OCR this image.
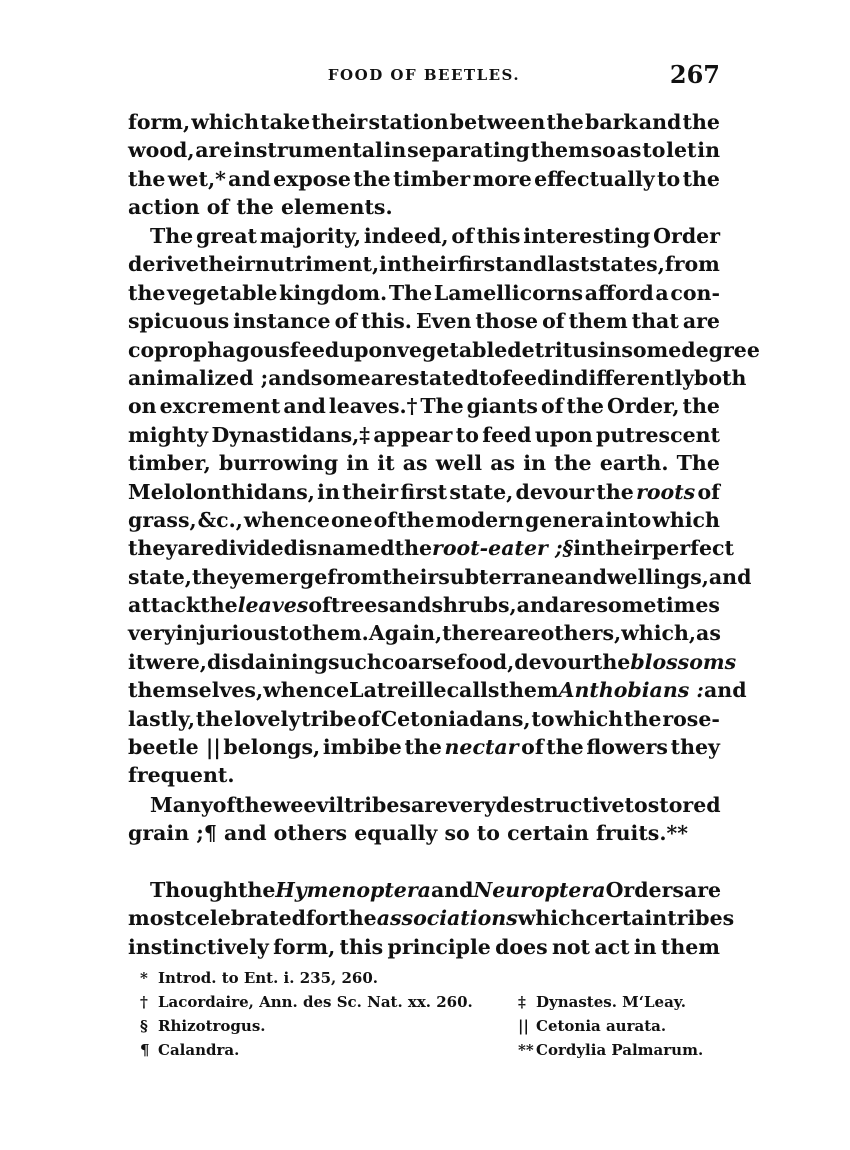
FOOD OF BEETLES.	267
form, which take their station between the bark and the
wood, are instrumental in separating them so as to let in
the wet,* and expose the timber more effectually to the
action
of
the
elements.
The great majority, indeed, of this interesting Order
derive their nutriment, in their first and last states, from
the vegetable kingdom. The Lamellicorns afford a con-
spicuous instance of this. Even those of them that are
coprophagous feed upon vegetable detritus in some degree
animalized ; and some are stated to feed indifferently both
on excrement and leaves.† The giants of the Order, the
mighty Dynastidans,‡ appear to feed upon putrescent
timber, burrowing in it as well as in the earth. The
Melolonthidans, in their first state, devour the roots of
grass, &c., whence one of the modern genera into which
they are divided is named the root-eater ;§ in their perfect
state, they emerge from their subterranean dwellings, and
attack the leaves of trees and shrubs, and are sometimes
very injurious to them. Again, there are others, which, as
it were, disdaining such coarse food, devour the blossoms
themselves, whence Latreille calls them Anthobians : and
lastly, the lovely tribe of Cetoniadans, to which the rose-
beetle || belongs, imbibe the nectar of the flowers they
frequent.
Many of the weevil tribes are very destructive to stored
grain ;¶
and
others
equally
so
to
certain
fruits.**
Though the Hymenoptera and Neuroptera Orders are
most celebrated for the associations which certain tribes
instinctively form, this principle does not act in them
* Introd. to Ent. i. 235, 260.
† Lacordaire, Ann. des Sc. Nat. xx. 260.	‡ Dynastes. M‘Leay.
§ Rhizotrogus.	|| Cetonia aurata.
¶ Calandra.	** Cordylia Palmarum.
